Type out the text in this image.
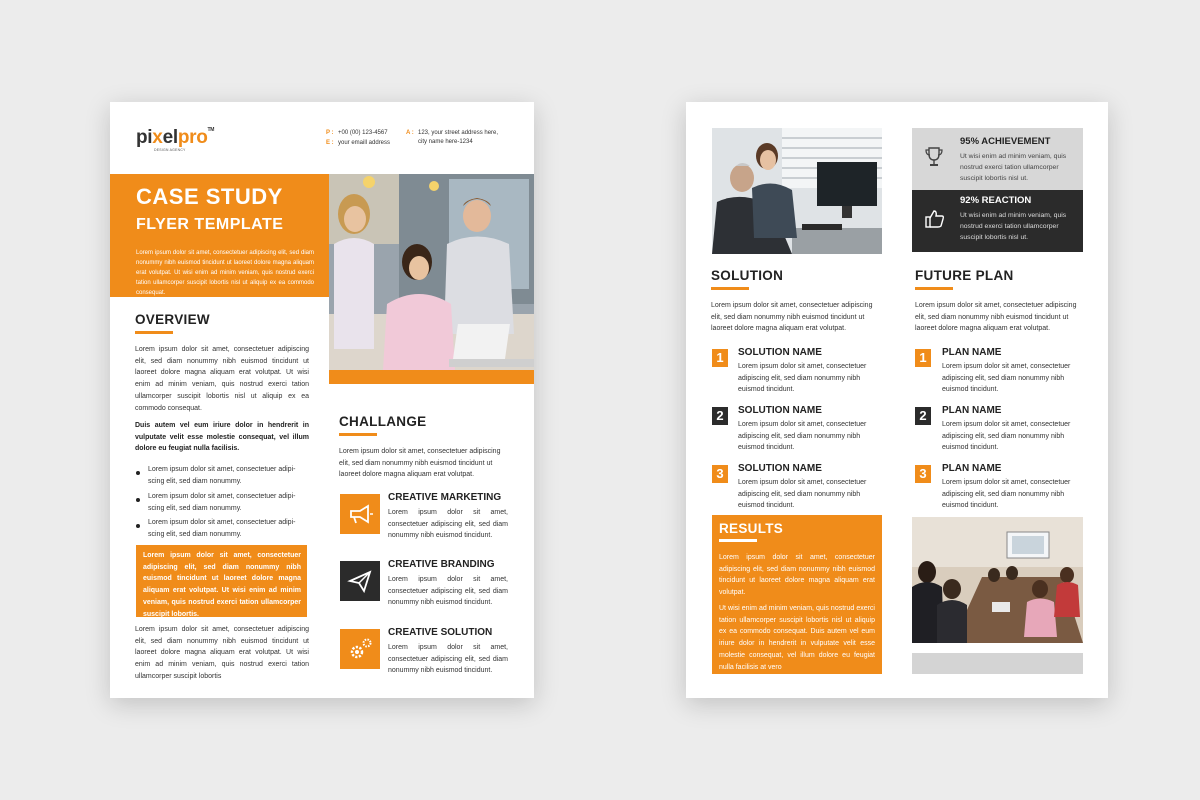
pixelpro™
DESIGN AGENCY
P : +00 (00) 123-4567
E : your emaill address
A : 123, your street address here,
city name here-1234
CASE STUDY
FLYER TEMPLATE
Lorem ipsum dolor sit amet, consectetuer adipiscing elit, sed diam nonummy nibh euismod tincidunt ut laoreet dolore magna aliquam erat volutpat. Ut wisi enim ad minim veniam, quis nostrud exerci tation ullamcorper suscipit lobortis nisl ut aliquip ex ea commodo consequat.
OVERVIEW
Lorem ipsum dolor sit amet, consectetuer adipiscing elit, sed diam nonummy nibh euismod tincidunt ut laoreet dolore magna aliquam erat volutpat. Ut wisi enim ad minim veniam, quis nostrud exerci tation ullamcorper suscipit lobortis nisl ut aliquip ex ea commodo consequat.
Duis autem vel eum iriure dolor in hendrerit in vulputate velit esse molestie consequat, vel illum dolore eu feugiat nulla facilisis.
Lorem ipsum dolor sit amet, consectetuer adipi-
scing elit, sed diam nonummy.
Lorem ipsum dolor sit amet, consectetuer adipi-
scing elit, sed diam nonummy.
Lorem ipsum dolor sit amet, consectetuer adipi-
scing elit, sed diam nonummy.
Lorem ipsum dolor sit amet, consectetuer adipiscing elit, sed diam nonummy nibh euismod tincidunt ut laoreet dolore magna aliquam erat volutpat. Ut wisi enim ad minim veniam, quis nostrud exerci tation ullamcorper suscipit lobortis.
Lorem ipsum dolor sit amet, consectetuer adipiscing elit, sed diam nonummy nibh euismod tincidunt ut laoreet dolore magna aliquam erat volutpat. Ut wisi enim ad minim veniam, quis nostrud exerci tation ullamcorper suscipit lobortis
CHALLANGE
Lorem ipsum dolor sit amet, consectetuer adipiscing elit, sed diam nonummy nibh euismod tincidunt ut laoreet dolore magna aliquam erat volutpat.
CREATIVE MARKETING
Lorem ipsum dolor sit amet, consectetuer adipiscing elit, sed diam nonummy nibh euismod tincidunt.
CREATIVE BRANDING
Lorem ipsum dolor sit amet, consectetuer adipiscing elit, sed diam nonummy nibh euismod tincidunt.
CREATIVE SOLUTION
Lorem ipsum dolor sit amet, consectetuer adipiscing elit, sed diam nonummy nibh euismod tincidunt.
95% ACHIEVEMENT
Ut wisi enim ad minim veniam, quis nostrud exerci tation ullamcorper suscipit lobortis nisl ut.
92% REACTION
Ut wisi enim ad minim veniam, quis nostrud exerci tation ullamcorper suscipit lobortis nisl ut.
SOLUTION
Lorem ipsum dolor sit amet, consectetuer adipiscing elit, sed diam nonummy nibh euismod tincidunt ut laoreet dolore magna aliquam erat volutpat.
1	SOLUTION NAME
Lorem ipsum dolor sit amet, consectetuer adipiscing elit, sed diam nonummy nibh euismod tincidunt.
2	SOLUTION NAME
Lorem ipsum dolor sit amet, consectetuer adipiscing elit, sed diam nonummy nibh euismod tincidunt.
3	SOLUTION NAME
Lorem ipsum dolor sit amet, consectetuer adipiscing elit, sed diam nonummy nibh euismod tincidunt.
FUTURE PLAN
Lorem ipsum dolor sit amet, consectetuer adipiscing elit, sed diam nonummy nibh euismod tincidunt ut laoreet dolore magna aliquam erat volutpat.
1	PLAN NAME
Lorem ipsum dolor sit amet, consectetuer adipiscing elit, sed diam nonummy nibh euismod tincidunt.
2	PLAN NAME
Lorem ipsum dolor sit amet, consectetuer adipiscing elit, sed diam nonummy nibh euismod tincidunt.
3	PLAN NAME
Lorem ipsum dolor sit amet, consectetuer adipiscing elit, sed diam nonummy nibh euismod tincidunt.
RESULTS
Lorem ipsum dolor sit amet, consectetuer adipiscing elit, sed diam nonummy nibh euismod tincidunt ut laoreet dolore magna aliquam erat volutpat.
Ut wisi enim ad minim veniam, quis nostrud exerci tation ullamcorper suscipit lobortis nisl ut aliquip ex ea commodo consequat. Duis autem vel eum iriure dolor in hendrerit in vulputate velit esse molestie consequat, vel illum dolore eu feugiat nulla facilisis at vero
